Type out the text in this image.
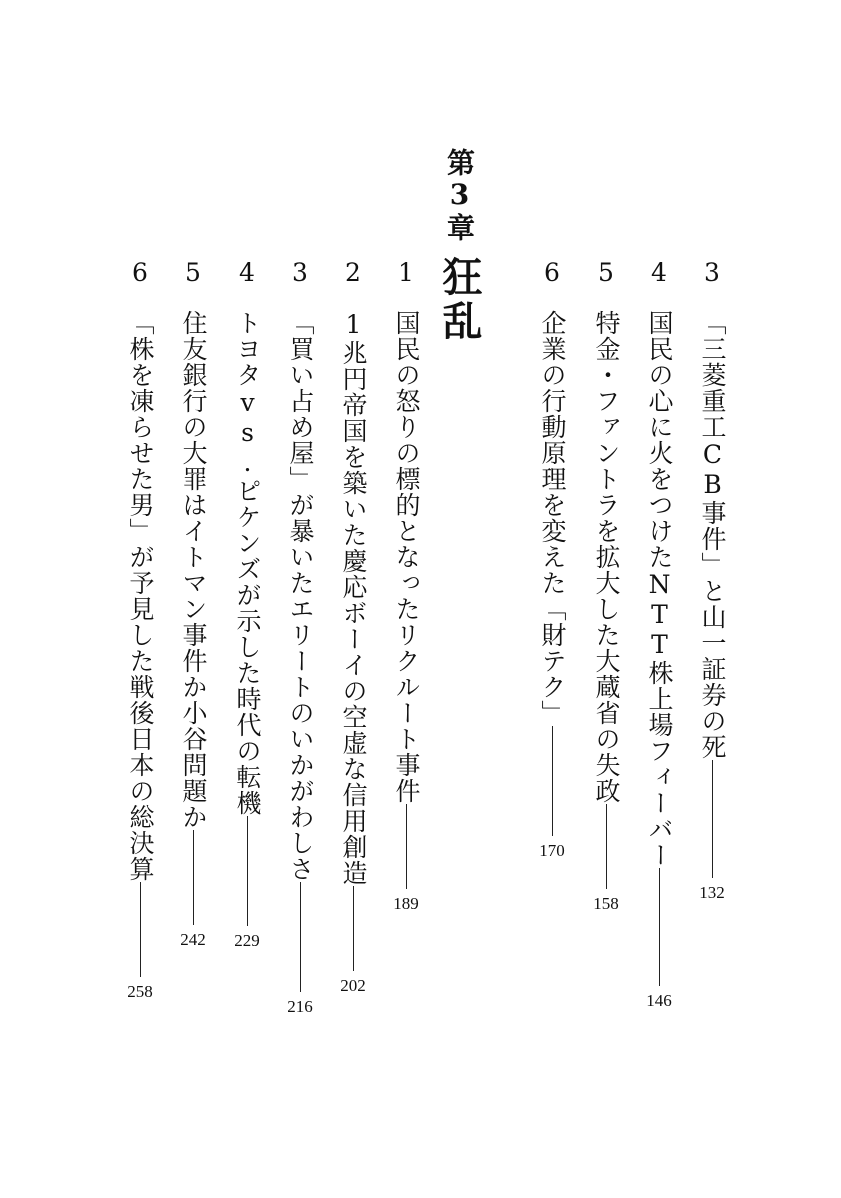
3
「三菱重工CB事件」と山一証券の死
132
4
国民の心に火をつけたNTT株上場フィーバー
146
5
特金・ファントラを拡大した大蔵省の失政
158
6
企業の行動原理を変えた「財テク」
170
第3章
狂乱
1
国民の怒りの標的となったリクルート事件
189
2
1兆円帝国を築いた慶応ボーイの空虚な信用創造
202
3
「買い占め屋」が暴いたエリートのいかがわしさ
216
4
トヨタvs.ピケンズが示した時代の転機
229
5
住友銀行の大罪はイトマン事件か小谷問題か
242
6
「株を凍らせた男」が予見した戦後日本の総決算
258
